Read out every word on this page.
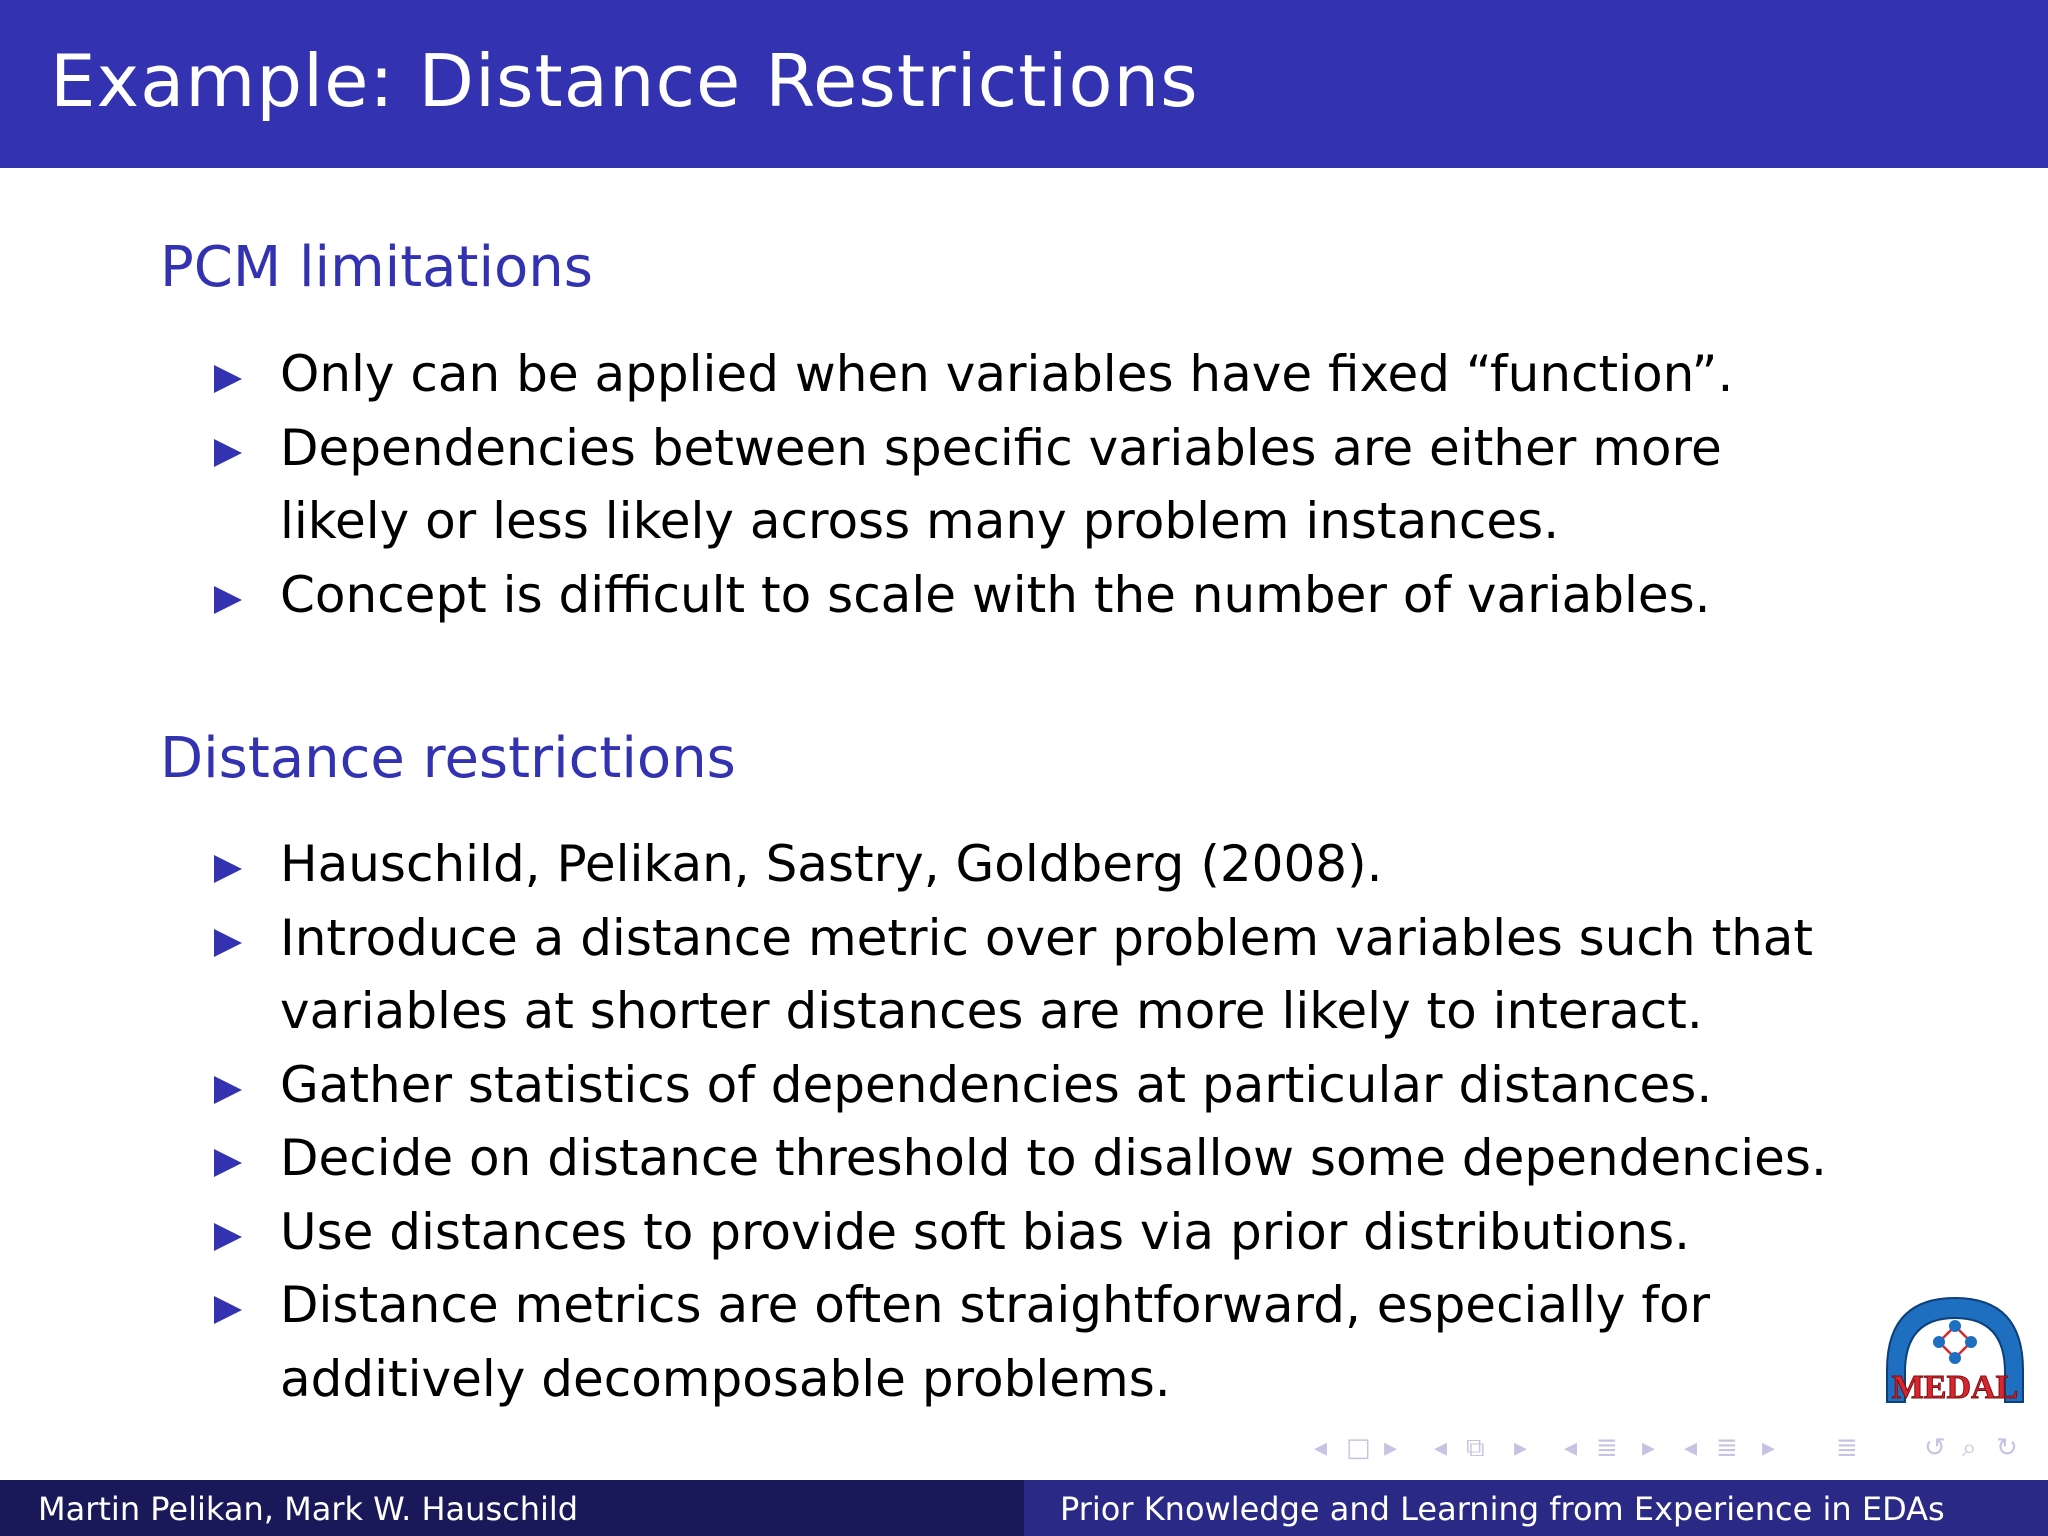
Example: Distance Restrictions
PCM limitations
Only can be applied when variables have fixed “function”.
Dependencies between specific variables are either more likely or less likely across many problem instances.
Concept is difficult to scale with the number of variables.
Distance restrictions
Hauschild, Pelikan, Sastry, Goldberg (2008).
Introduce a distance metric over problem variables such that variables at shorter distances are more likely to interact.
Gather statistics of dependencies at particular distances.
Decide on distance threshold to disallow some dependencies.
Use distances to provide soft bias via prior distributions.
Distance metrics are often straightforward, especially for additively decomposable problems.	MEDAL
◂ □ ▸ ◂ ⧉ ▸ ◂ ≣ ▸ ◂ ≣ ▸ ≣	↺ ⌕ ↻
Martin Pelikan, Mark W. Hauschild	Prior Knowledge and Learning from Experience in EDAs
